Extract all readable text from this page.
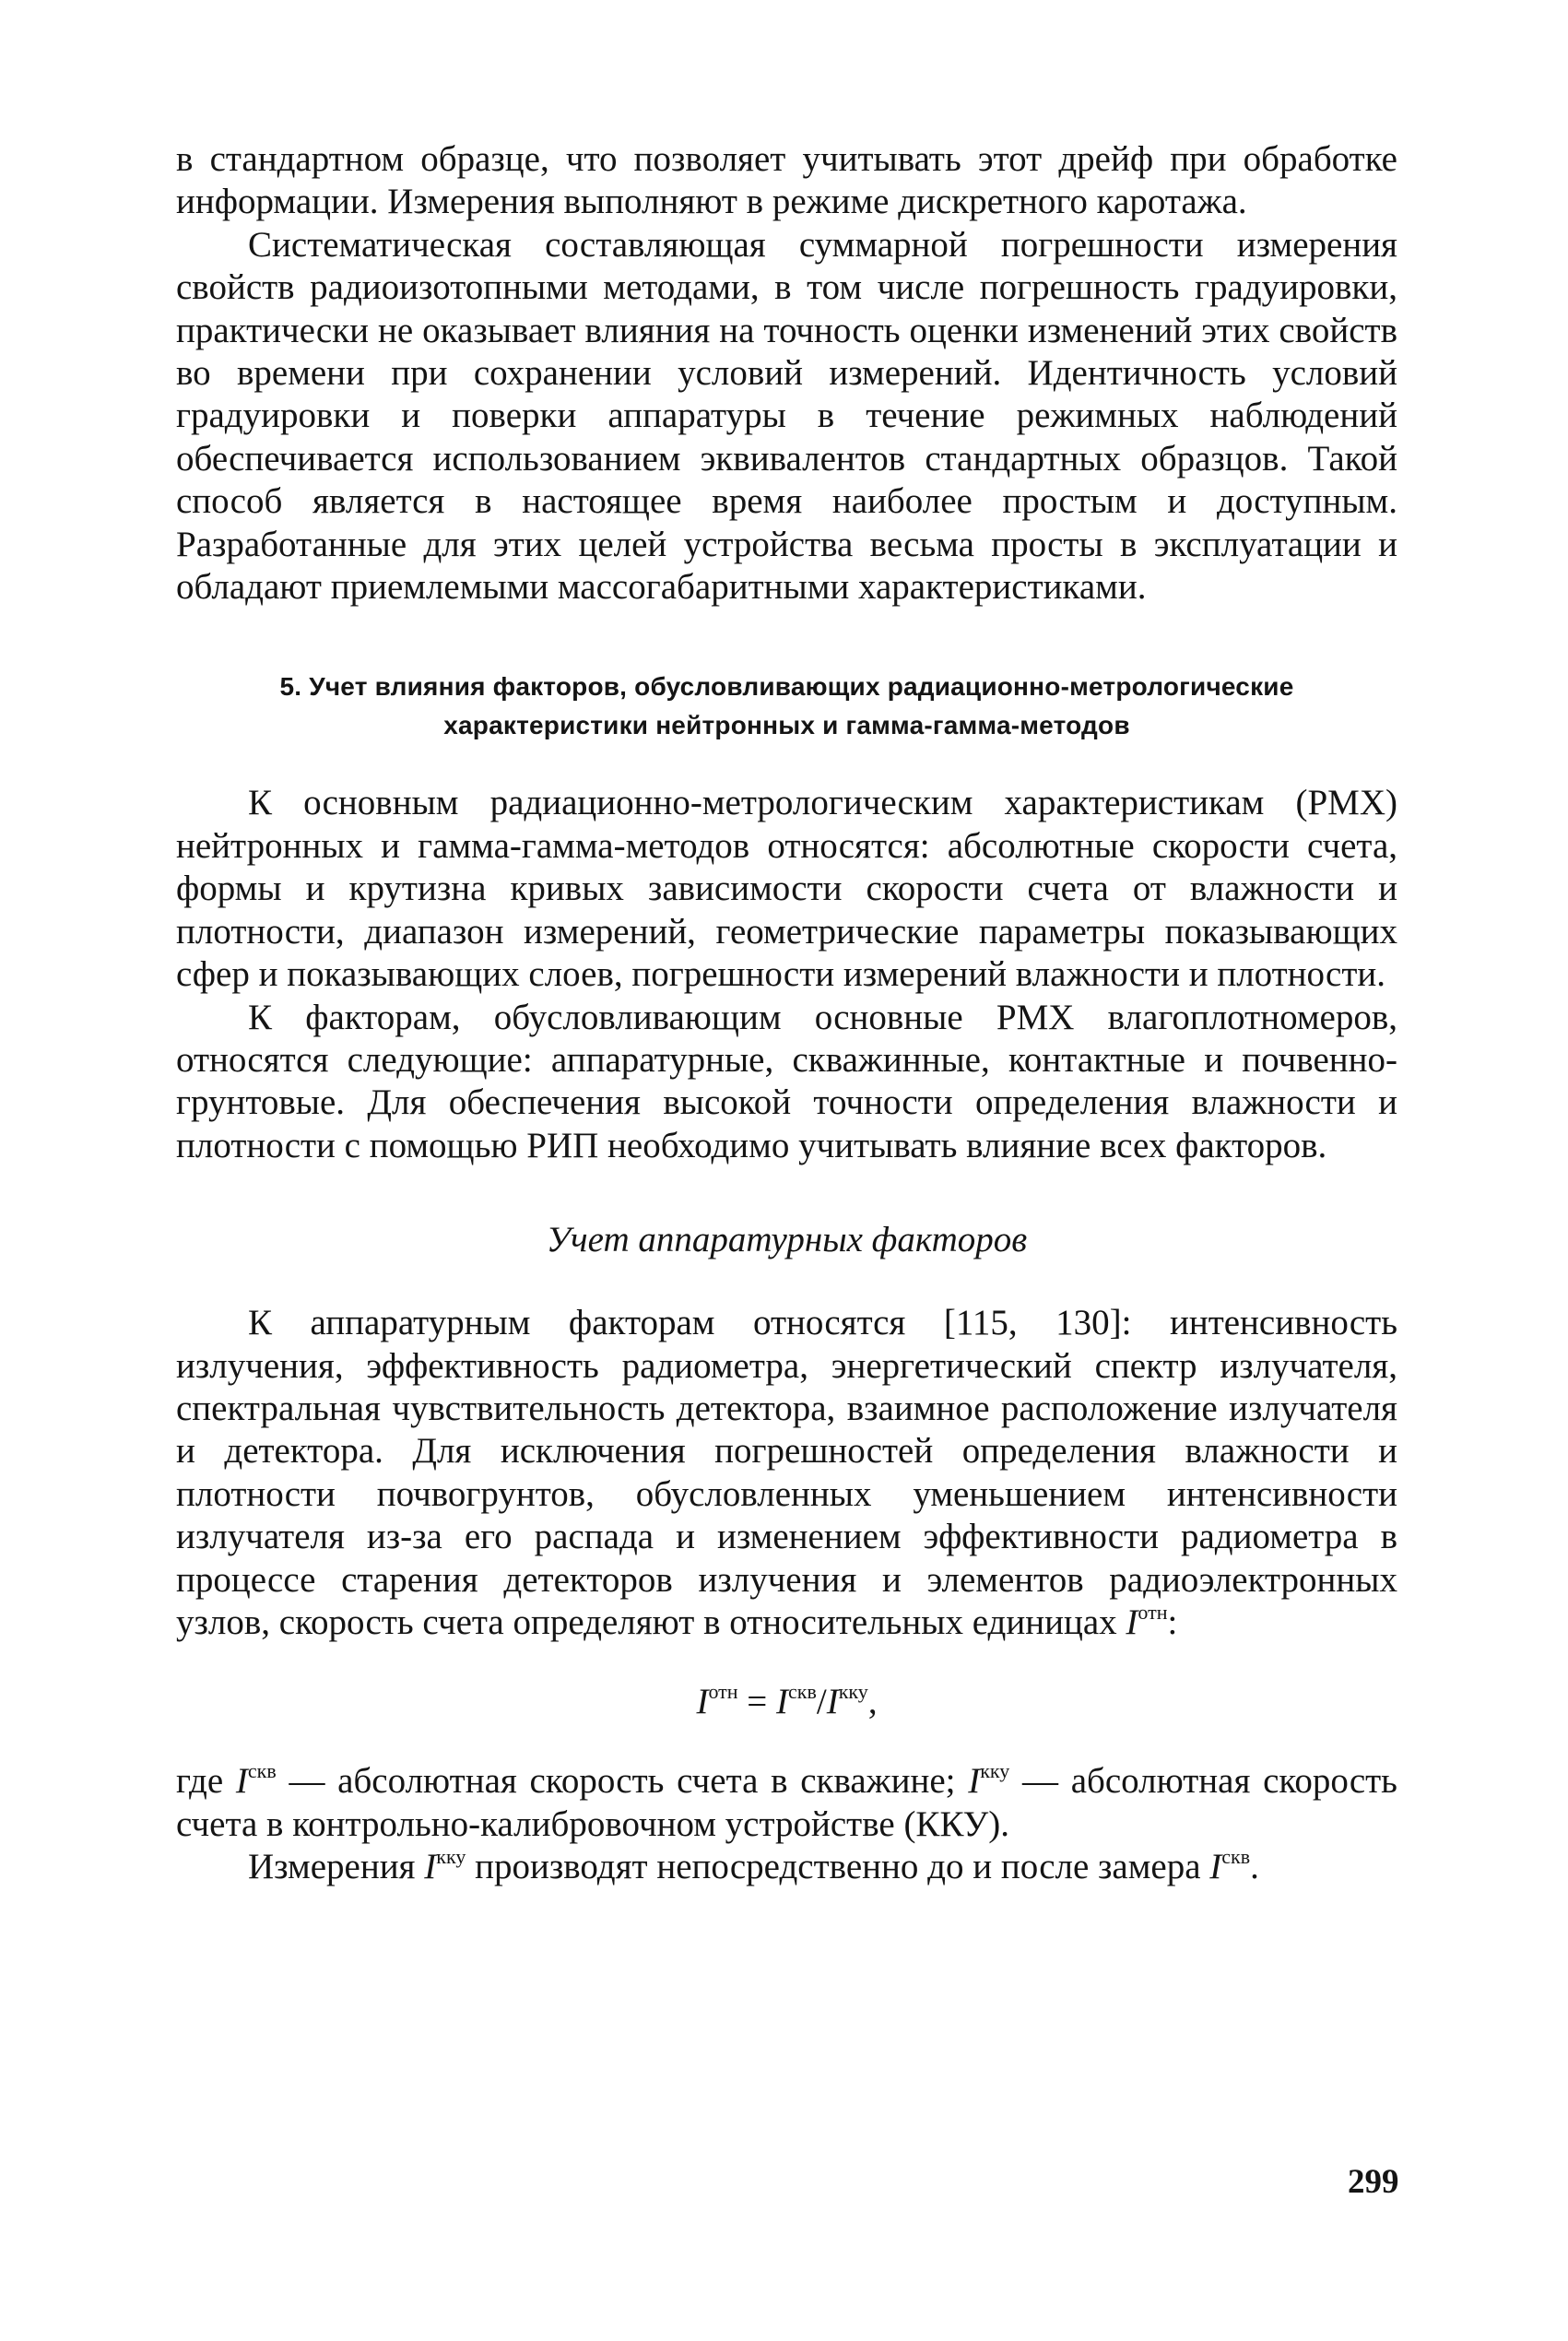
в стандартном образце, что позволяет учитывать этот дрейф при обработке информации. Измерения выполняют в режиме дискретного каротажа.

Систематическая составляющая суммарной погрешности измерения свойств радиоизотопными методами, в том числе погрешность градуировки, практически не оказывает влияния на точность оценки изменений этих свойств во времени при сохранении условий измерений. Идентичность условий градуировки и поверки аппаратуры в течение режимных наблюдений обеспечивается использованием эквивалентов стандартных образцов. Такой способ является в настоящее время наиболее простым и доступным. Разработанные для этих целей устройства весьма просты в эксплуатации и обладают приемлемыми массогабаритными характеристиками.

5. Учет влияния факторов, обусловливающих радиационно-метрологические
характеристики нейтронных и гамма-гамма-методов

К основным радиационно-метрологическим характеристикам (РМХ) нейтронных и гамма-гамма-методов относятся: абсолютные скорости счета, формы и крутизна кривых зависимости скорости счета от влажности и плотности, диапазон измерений, геометрические параметры показывающих сфер и показывающих слоев, погрешности измерений влажности и плотности.

К факторам, обусловливающим основные РМХ влагоплотномеров, относятся следующие: аппаратурные, скважинные, контактные и почвенно-грунтовые. Для обеспечения высокой точности определения влажности и плотности с помощью РИП необходимо учитывать влияние всех факторов.

Учет аппаратурных факторов

К аппаратурным факторам относятся [115, 130]: интенсивность излучения, эффективность радиометра, энергетический спектр излучателя, спектральная чувствительность детектора, взаимное расположение излучателя и детектора. Для исключения погрешностей определения влажности и плотности почвогрунтов, обусловленных уменьшением интенсивности излучателя из-за его распада и изменением эффективности радиометра в процессе старения детекторов излучения и элементов радиоэлектронных узлов, скорость счета определяют в относительных единицах $I^{отн}$:

$I^{отн} = I^{скв}/I^{кку}$,

где $I^{скв}$ — абсолютная скорость счета в скважине; $I^{кку}$ — абсолютная скорость счета в контрольно-калибровочном устройстве (ККУ).

Измерения $I^{кку}$ производят непосредственно до и после замера $I^{скв}$.

299
